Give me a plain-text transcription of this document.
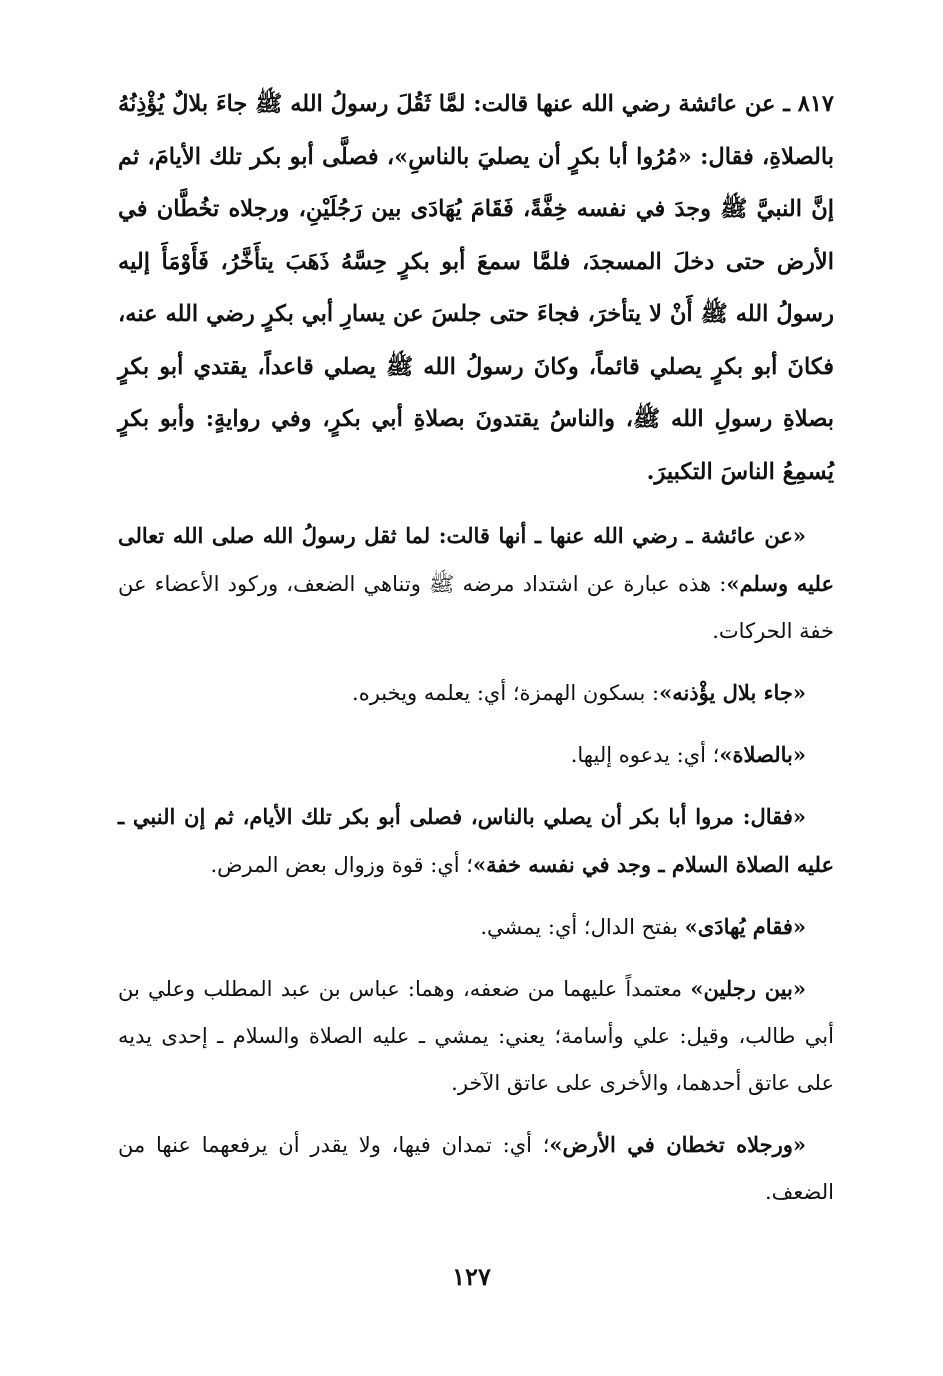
٨١٧ ـ عن عائشة رضي الله عنها قالت: لمَّا ثَقُلَ رسولُ الله ﷺ جاءَ بلالٌ يُؤْذِنُهُ بالصلاةِ، فقال: «مُرُوا أبا بكرٍ أن يصليَ بالناسِ»، فصلَّى أبو بكر تلك الأيامَ، ثم إنَّ النبيَّ ﷺ وجدَ في نفسه خِفَّةً، فَقَامَ يُهَادَى بين رَجُلَيْنِ، ورجلاه تخُطَّان في الأرض حتى دخلَ المسجدَ، فلمَّا سمعَ أبو بكرٍ حِسَّهُ ذَهَبَ يتأَخَّرُ، فَأَوْمَأَ إليه رسولُ الله ﷺ أَنْ لا يتأخرَ، فجاءَ حتى جلسَ عن يسارِ أبي بكرٍ رضي الله عنه، فكانَ أبو بكرٍ يصلي قائماً، وكانَ رسولُ الله ﷺ يصلي قاعداً، يقتدي أبو بكرٍ بصلاةِ رسولِ الله ﷺ، والناسُ يقتدونَ بصلاةِ أبي بكرٍ، وفي روايةٍ: وأبو بكرٍ يُسمِعُ الناسَ التكبيرَ.

«عن عائشة ـ رضي الله عنها ـ أنها قالت: لما ثقل رسولُ الله صلى الله تعالى عليه وسلم»: هذه عبارة عن اشتداد مرضه ﷺ وتناهي الضعف، وركود الأعضاء عن خفة الحركات.

«جاء بلال يؤْذنه»: بسكون الهمزة؛ أي: يعلمه ويخبره.

«بالصلاة»؛ أي: يدعوه إليها.

«فقال: مروا أبا بكر أن يصلي بالناس، فصلى أبو بكر تلك الأيام، ثم إن النبي ـ عليه الصلاة السلام ـ وجد في نفسه خفة»؛ أي: قوة وزوال بعض المرض.

«فقام يُهادَى» بفتح الدال؛ أي: يمشي.

«بين رجلين» معتمداً عليهما من ضعفه، وهما: عباس بن عبد المطلب وعلي بن أبي طالب، وقيل: علي وأسامة؛ يعني: يمشي ـ عليه الصلاة والسلام ـ إحدى يديه على عاتق أحدهما، والأخرى على عاتق الآخر.

«ورجلاه تخطان في الأرض»؛ أي: تمدان فيها، ولا يقدر أن يرفعهما عنها من الضعف.

١٢٧
